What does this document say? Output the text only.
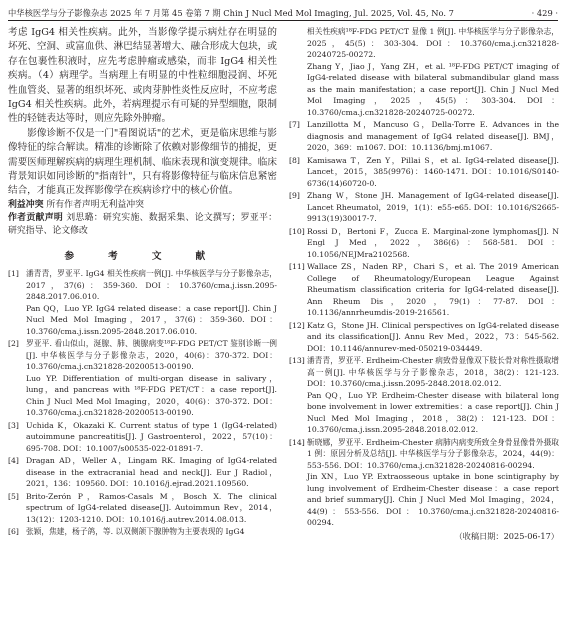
中华核医学与分子影像杂志 2025 年 7 月第 45 卷第 7 期 Chin J Nucl Med Mol Imaging, Jul. 2025, Vol. 45, No. 7	· 429 ·

考虑 IgG4 相关性疾病。此外，当影像学提示病灶存在明显的坏死、空洞、或富血供、淋巴结显著增大、融合形成大包块，或存在包裹性积液时，应先考虑肿瘤或感染，而非 IgG4 相关性疾病。（4）病理学。当病理上有明显的中性粒细胞浸润、坏死性血管炎、显著的组织坏死、或肉芽肿性炎性反应时，不应考虑 IgG4 相关性疾病。此外，若病理提示有可疑的异型细胞，限制性的轻链表达等时，则应先除外肿瘤。

影像诊断不仅是一门"看图说话"的艺术，更是临床思维与影像特征的综合解读。精准的诊断除了依赖对影像细节的捕捉，更需要医师理解疾病的病理生理机制、临床表现和演变规律。临床背景知识如同诊断的"指南针"，只有将影像特征与临床信息紧密结合，才能真正发挥影像学在疾病诊疗中的核心价值。

利益冲突 所有作者声明无利益冲突

作者贡献声明 刘思璐：研究实施、数据采集、论文撰写；罗亚平：研究指导、论文修改

参 考 文 献
[1] 潘青青，罗亚平. IgG4 相关性疾病一例[J]. 中华核医学与分子影像杂志，2017，37(6)：359-360. DOI：10.3760/cma.j.issn.2095-2848.2017.06.010.
Pan QQ，Luo YP. IgG4 related disease：a case report[J]. Chin J Nucl Med Mol Imaging，2017，37(6)：359-360. DOI：10.3760/cma.j.issn.2095-2848.2017.06.010.
[2] 罗亚平. 看山似山，涎腺、肺、胰腺病变¹⁸F-FDG PET/CT 鉴别诊断一例[J]. 中华核医学与分子影像杂志，2020，40(6)：370-372. DOI：10.3760/cma.j.cn321828-20200513-00190.
Luo YP. Differentiation of multi-organ disease in salivary，lung，and pancreas with ¹⁸F-FDG PET/CT：a case report[J]. Chin J Nucl Med Mol Imaging，2020，40(6)：370-372. DOI：10.3760/cma.j.cn321828-20200513-00190.
[3] Uchida K，Okazaki K. Current status of type 1 (IgG4-related) autoimmune pancreatitis[J]. J Gastroenterol，2022，57(10)：695-708. DOI：10.1007/s00535-022-01891-7.
[4] Dragan AD，Weller A，Lingam RK. Imaging of IgG4-related disease in the extracranial head and neck[J]. Eur J Radiol，2021，136：109560. DOI：10.1016/j.ejrad.2021.109560.
[5] Brito-Zerón P，Ramos-Casals M，Bosch X. The clinical spectrum of IgG4-related disease[J]. Autoimmun Rev，2014，13(12)：1203-1210. DOI：10.1016/j.autrev.2014.08.013.
[6] 张颖，焦建，杨子鸽，等. 以双侧颌下腺肿物为主要表现的 IgG4
相关性疾病¹⁸F-FDG PET/CT 显像 1 例[J]. 中华核医学与分子影像杂志，2025，45(5)：303-304. DOI：10.3760/cma.j.cn321828-20240725-00272.
Zhang Y，Jiao J，Yang ZH，et al. ¹⁸F-FDG PET/CT imaging of IgG4-related disease with bilateral submandibular gland mass as the main manifestation；a case report[J]. Chin J Nucl Med Mol Imaging，2025，45(5)：303-304. DOI：10.3760/cma.j.cn321828-20240725-00272.
[7] Lanzillotta M，Mancuso G，Della-Torre E. Advances in the diagnosis and management of IgG4 related disease[J]. BMJ，2020，369：m1067. DOI：10.1136/bmj.m1067.
[8] Kamisawa T，Zen Y，Pillai S，et al. IgG4-related disease[J]. Lancet，2015，385(9976)：1460-1471. DOI：10.1016/S0140-6736(14)60720-0.
[9] Zhang W，Stone JH. Management of IgG4-related disease[J]. Lancet Rheumatol，2019，1(1)：e55-e65. DOI：10.1016/S2665-9913(19)30017-7.
[10] Rossi D，Bertoni F，Zucca E. Marginal-zone lymphomas[J]. N Engl J Med，2022，386(6)：568-581. DOI：10.1056/NEJMra2102568.
[11] Wallace ZS，Naden RP，Chari S，et al. The 2019 American College of Rheumatology/European League Against Rheumatism classification criteria for IgG4-related disease[J]. Ann Rheum Dis，2020，79(1)：77-87. DOI：10.1136/annrheumdis-2019-216561.
[12] Katz G，Stone JH. Clinical perspectives on IgG4-related disease and its classification[J]. Annu Rev Med，2022，73：545-562. DOI：10.1146/annurev-med-050219-034449.
[13] 潘青青，罗亚平. Erdheim-Chester 病致骨显像双下肢长骨对称性摄取增高一例[J]. 中华核医学与分子影像杂志，2018，38(2)：121-123. DOI：10.3760/cma.j.issn.2095-2848.2018.02.012.
Pan QQ，Luo YP. Erdheim-Chester disease with bilateral long bone involvement in lower extremities：a case report[J]. Chin J Nucl Med Mol Imaging，2018，38(2)：121-123. DOI：10.3760/cma.j.issn.2095-2848.2018.02.012.
[14] 靳晓娜，罗亚平. Erdheim-Chester 病肺内病变所致全身骨显像骨外摄取 1 例：原因分析及总结[J]. 中华核医学与分子影像杂志，2024，44(9)：553-556. DOI：10.3760/cma.j.cn321828-20240816-00294.
Jin XN，Luo YP. Extraosseous uptake in bone scintigraphy by lung involvement of Erdheim-Chester disease：a case report and brief summary[J]. Chin J Nucl Med Mol Imaging，2024，44(9)：553-556. DOI：10.3760/cma.j.cn321828-20240816-00294.
（收稿日期：2025-06-17）
